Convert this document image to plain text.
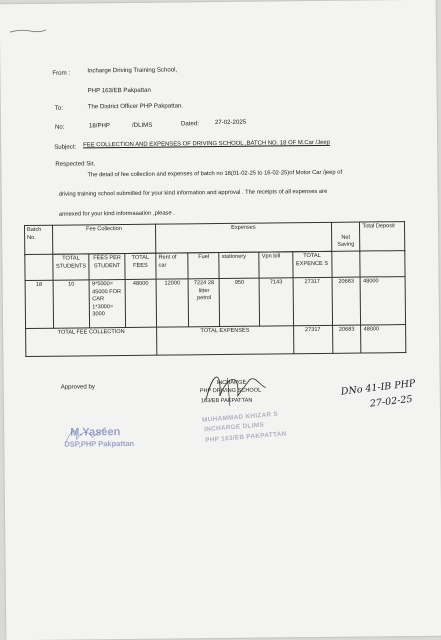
From :	Incharge Driving Training School,
PHP 163/EB Pakpattan
To:	The District Officer PHP Pakpattan.
No:	18/PHP	/DLIMS	Dated:	27-02-2025
Subject: FEE COLLECTION AND EXPENSES OF DRIVING SCHOOL ,BATCH NO. 18 OF M.Car /Jeep
Respected Sir,
The detail of fee collection and expenses of batch no 18(01-02-25 to 16-02-25)of Motor Car /jeep of
driving training school submitted for your kind information and approval . The receipts of all expenses are
annexed for your kind informaaation ,please .
Batch No.	Fee Collection			Expenses					Net Saving	Total Deposit

	TOTAL STUDENTS	FEES PER STUDENT	TOTAL FEES	Rent of car	Fuel	stationery	Vpn bill	TOTAL EXPENCE S		
18	10	9*5000= 45000 FOR CAR 1*3000= 3000	48000	12000	7224 28 litter petrol	950	7143	27317	20683	48000
TOTAL FEE COLLECTION				TOTAL EXPENSES				27317	20683	48000
Approved by
INCHARGE
PHP DRIVING SCHOOL
163/EB PAKPATTAN
M.Yaseen
DSP,PHP Pakpattan
MUHAMMAD KHIZAR S
INCHARGE DLIMS
PHP 163/EB PAKPATTAN
DNo 41-IB PHP
27-02-25
